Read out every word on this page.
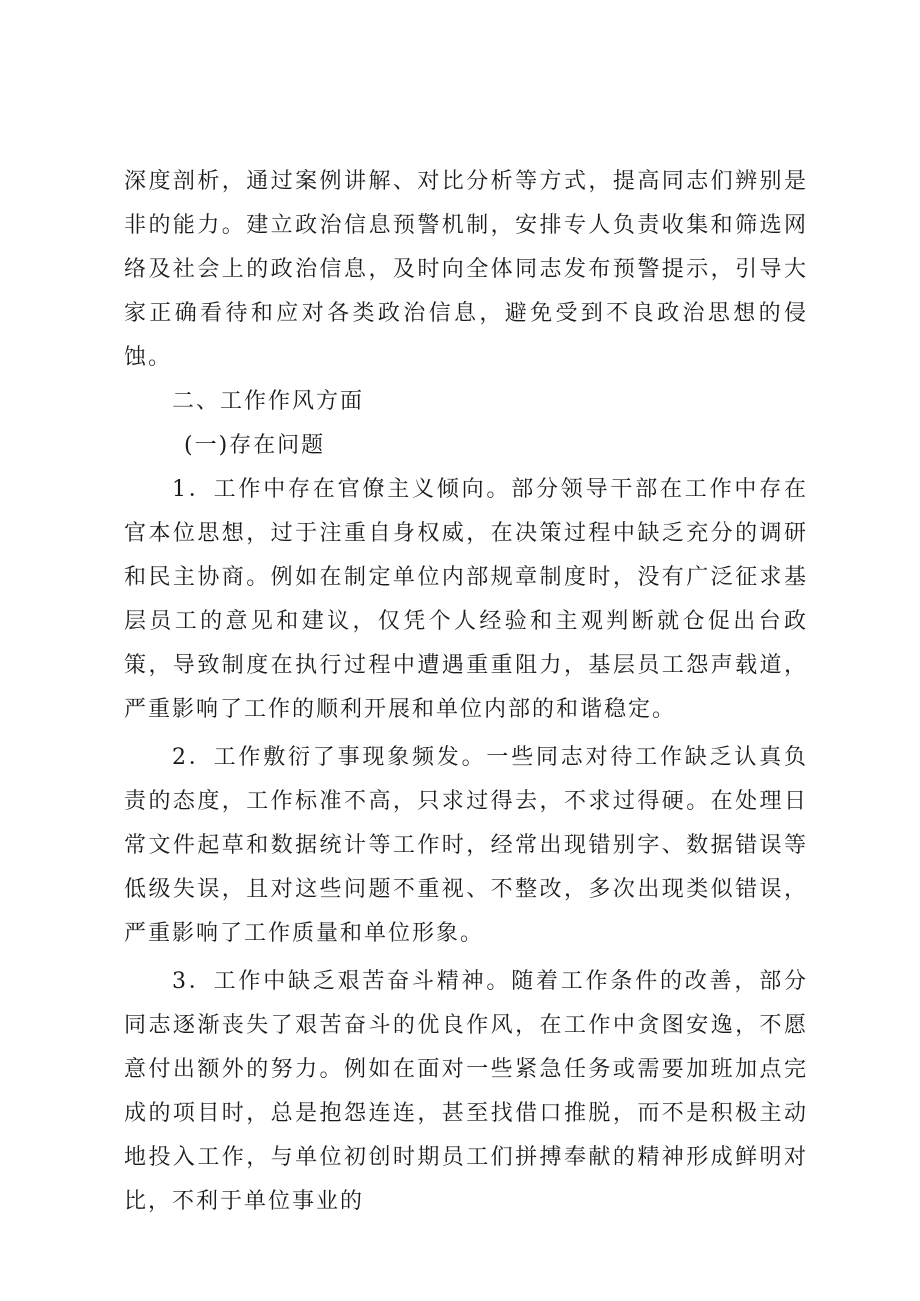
深度剖析，通过案例讲解、对比分析等方式，提高同志们辨别是非的能力。建立政治信息预警机制，安排专人负责收集和筛选网络及社会上的政治信息，及时向全体同志发布预警提示，引导大家正确看待和应对各类政治信息，避免受到不良政治思想的侵蚀。

二、工作作风方面

(一)存在问题

1．工作中存在官僚主义倾向。部分领导干部在工作中存在官本位思想，过于注重自身权威，在决策过程中缺乏充分的调研和民主协商。例如在制定单位内部规章制度时，没有广泛征求基层员工的意见和建议，仅凭个人经验和主观判断就仓促出台政策，导致制度在执行过程中遭遇重重阻力，基层员工怨声载道，严重影响了工作的顺利开展和单位内部的和谐稳定。

2．工作敷衍了事现象频发。一些同志对待工作缺乏认真负责的态度，工作标准不高，只求过得去，不求过得硬。在处理日常文件起草和数据统计等工作时，经常出现错别字、数据错误等低级失误，且对这些问题不重视、不整改，多次出现类似错误，严重影响了工作质量和单位形象。

3．工作中缺乏艰苦奋斗精神。随着工作条件的改善，部分同志逐渐丧失了艰苦奋斗的优良作风，在工作中贪图安逸，不愿意付出额外的努力。例如在面对一些紧急任务或需要加班加点完成的项目时，总是抱怨连连，甚至找借口推脱，而不是积极主动地投入工作，与单位初创时期员工们拼搏奉献的精神形成鲜明对比，不利于单位事业的
